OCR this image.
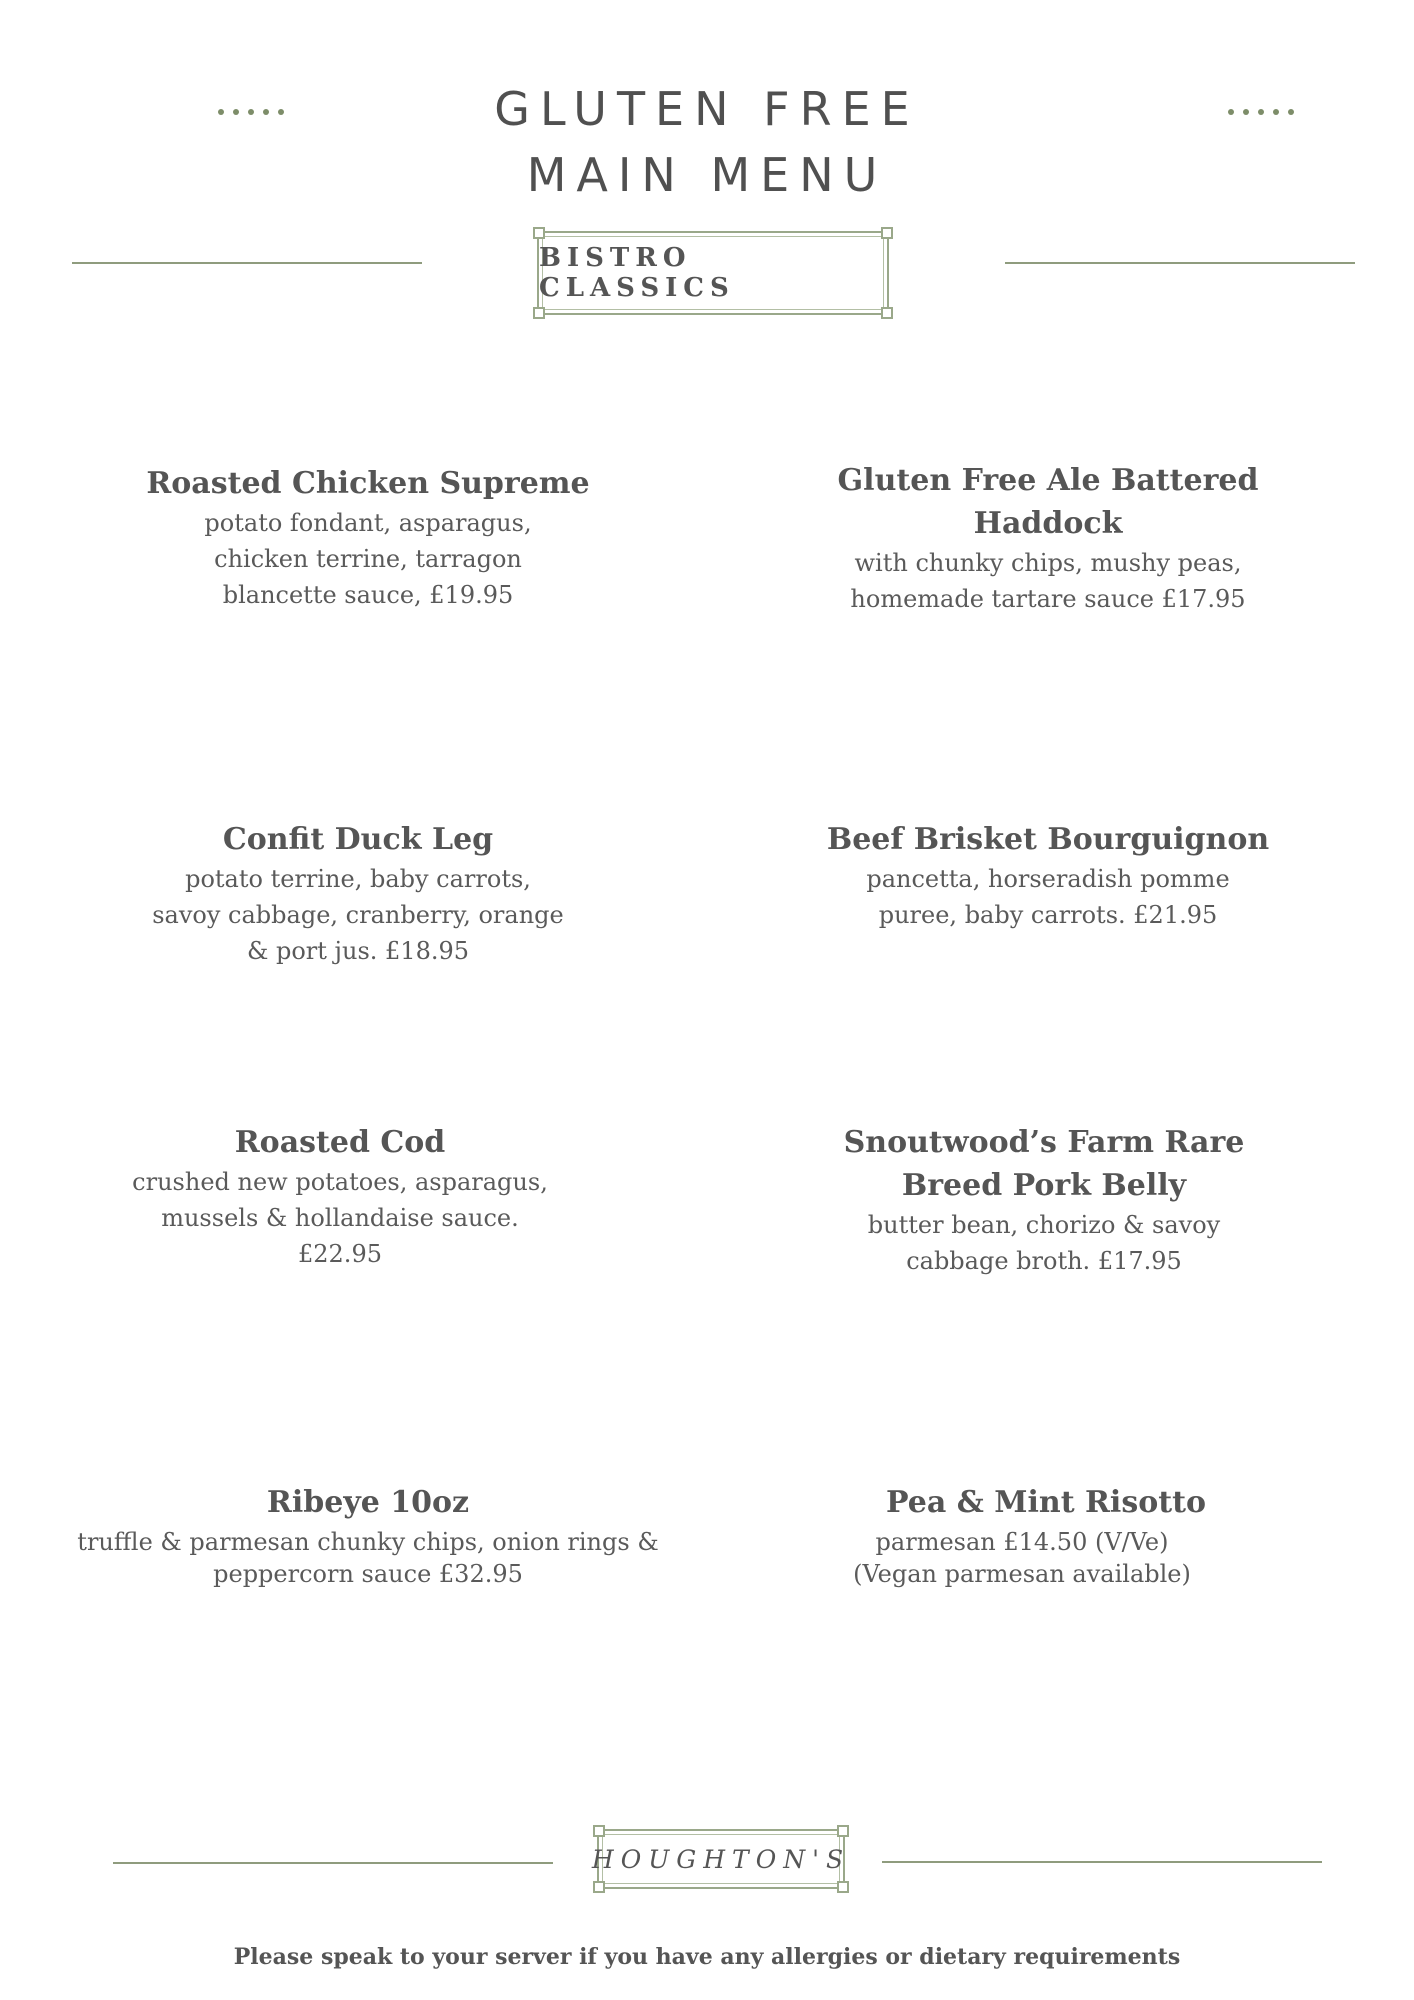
GLUTEN FREE
MAIN MENU
BISTRO CLASSICS
Roasted Chicken Supreme
potato fondant, asparagus,
chicken terrine, tarragon
blancette sauce, £19.95
Gluten Free Ale Battered
Haddock
with chunky chips, mushy peas,
homemade tartare sauce £17.95
Confit Duck Leg
potato terrine, baby carrots,
savoy cabbage, cranberry, orange
& port jus. £18.95
Beef Brisket Bourguignon
pancetta, horseradish pomme
puree, baby carrots. £21.95
Roasted Cod
crushed new potatoes, asparagus,
mussels & hollandaise sauce.
£22.95
Snoutwood’s Farm Rare
Breed Pork Belly
butter bean, chorizo & savoy
cabbage broth. £17.95
Ribeye 10oz
truffle & parmesan chunky chips, onion rings &
peppercorn sauce £32.95
Pea & Mint Risotto
parmesan £14.50 (V/Ve)
(Vegan parmesan available)
HOUGHTON'S
Please speak to your server if you have any allergies or dietary requirements
